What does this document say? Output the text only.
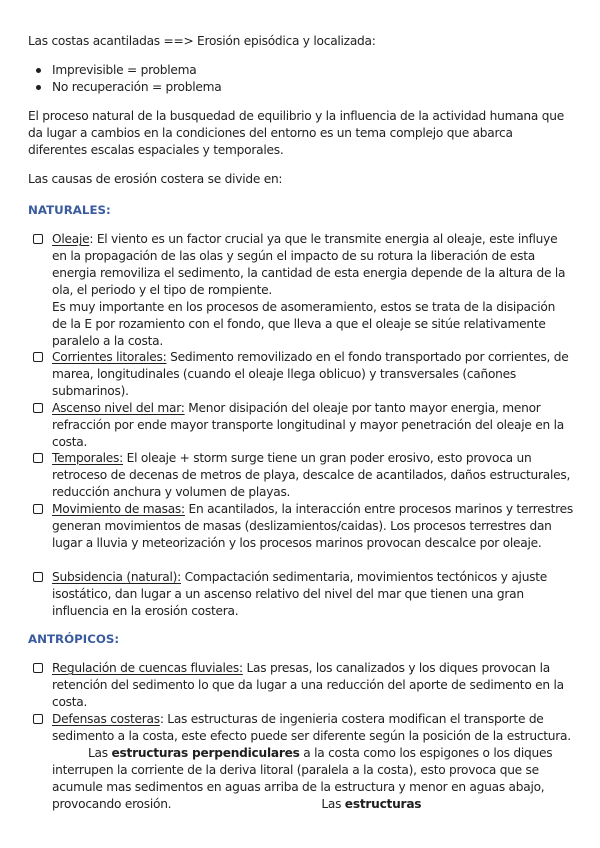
Las costas acantiladas ==> Erosión episódica y localizada:

Imprevisible = problema
No recuperación = problema

El proceso natural de la busquedad de equilibrio y la influencia de la actividad humana que da lugar a cambios en la condiciones del entorno es un tema complejo que abarca diferentes escalas espaciales y temporales.

Las causas de erosión costera se divide en:

NATURALES:
Oleaje: El viento es un factor crucial ya que le transmite energia al oleaje, este influye en la propagación de las olas y según el impacto de su rotura la liberación de esta energia removiliza el sedimento, la cantidad de esta energia depende de la altura de la ola, el periodo y el tipo de rompiente.
Es muy importante en los procesos de asomeramiento, estos se trata de la disipación de la E por rozamiento con el fondo, que lleva a que el oleaje se sitúe relativamente paralelo a la costa.
Corrientes litorales: Sedimento removilizado en el fondo transportado por corrientes, de marea, longitudinales (cuando el oleaje llega oblicuo) y transversales (cañones submarinos).
Ascenso nivel del mar: Menor disipación del oleaje por tanto mayor energia, menor refracción por ende mayor transporte longitudinal y mayor penetración del oleaje en la costa.
Temporales: El oleaje + storm surge tiene un gran poder erosivo, esto provoca un retroceso de decenas de metros de playa, descalce de acantilados, daños estructurales, reducción anchura y volumen de playas.
Movimiento de masas: En acantilados, la interacción entre procesos marinos y terrestres generan movimientos de masas (deslizamientos/caidas). Los procesos terrestres dan lugar a lluvia y meteorización y los procesos marinos provocan descalce por oleaje.
Subsidencia (natural): Compactación sedimentaria, movimientos tectónicos y ajuste isostático, dan lugar a un ascenso relativo del nivel del mar que tienen una gran influencia en la erosión costera.
ANTRÓPICOS:
Regulación de cuencas fluviales: Las presas, los canalizados y los diques provocan la retención del sedimento lo que da lugar a una reducción del aporte de sedimento en la costa.
Defensas costeras: Las estructuras de ingenieria costera modifican el transporte de sedimento a la costa, este efecto puede ser diferente según la posición de la estructura.Las estructuras perpendiculares a la costa como los espigones o los diques interrupen la corriente de la deriva litoral (paralela a la costa), esto provoca que se acumule mas sedimentos en aguas arriba de la estructura y menor en aguas abajo, provocando erosión.	Las estructuras
